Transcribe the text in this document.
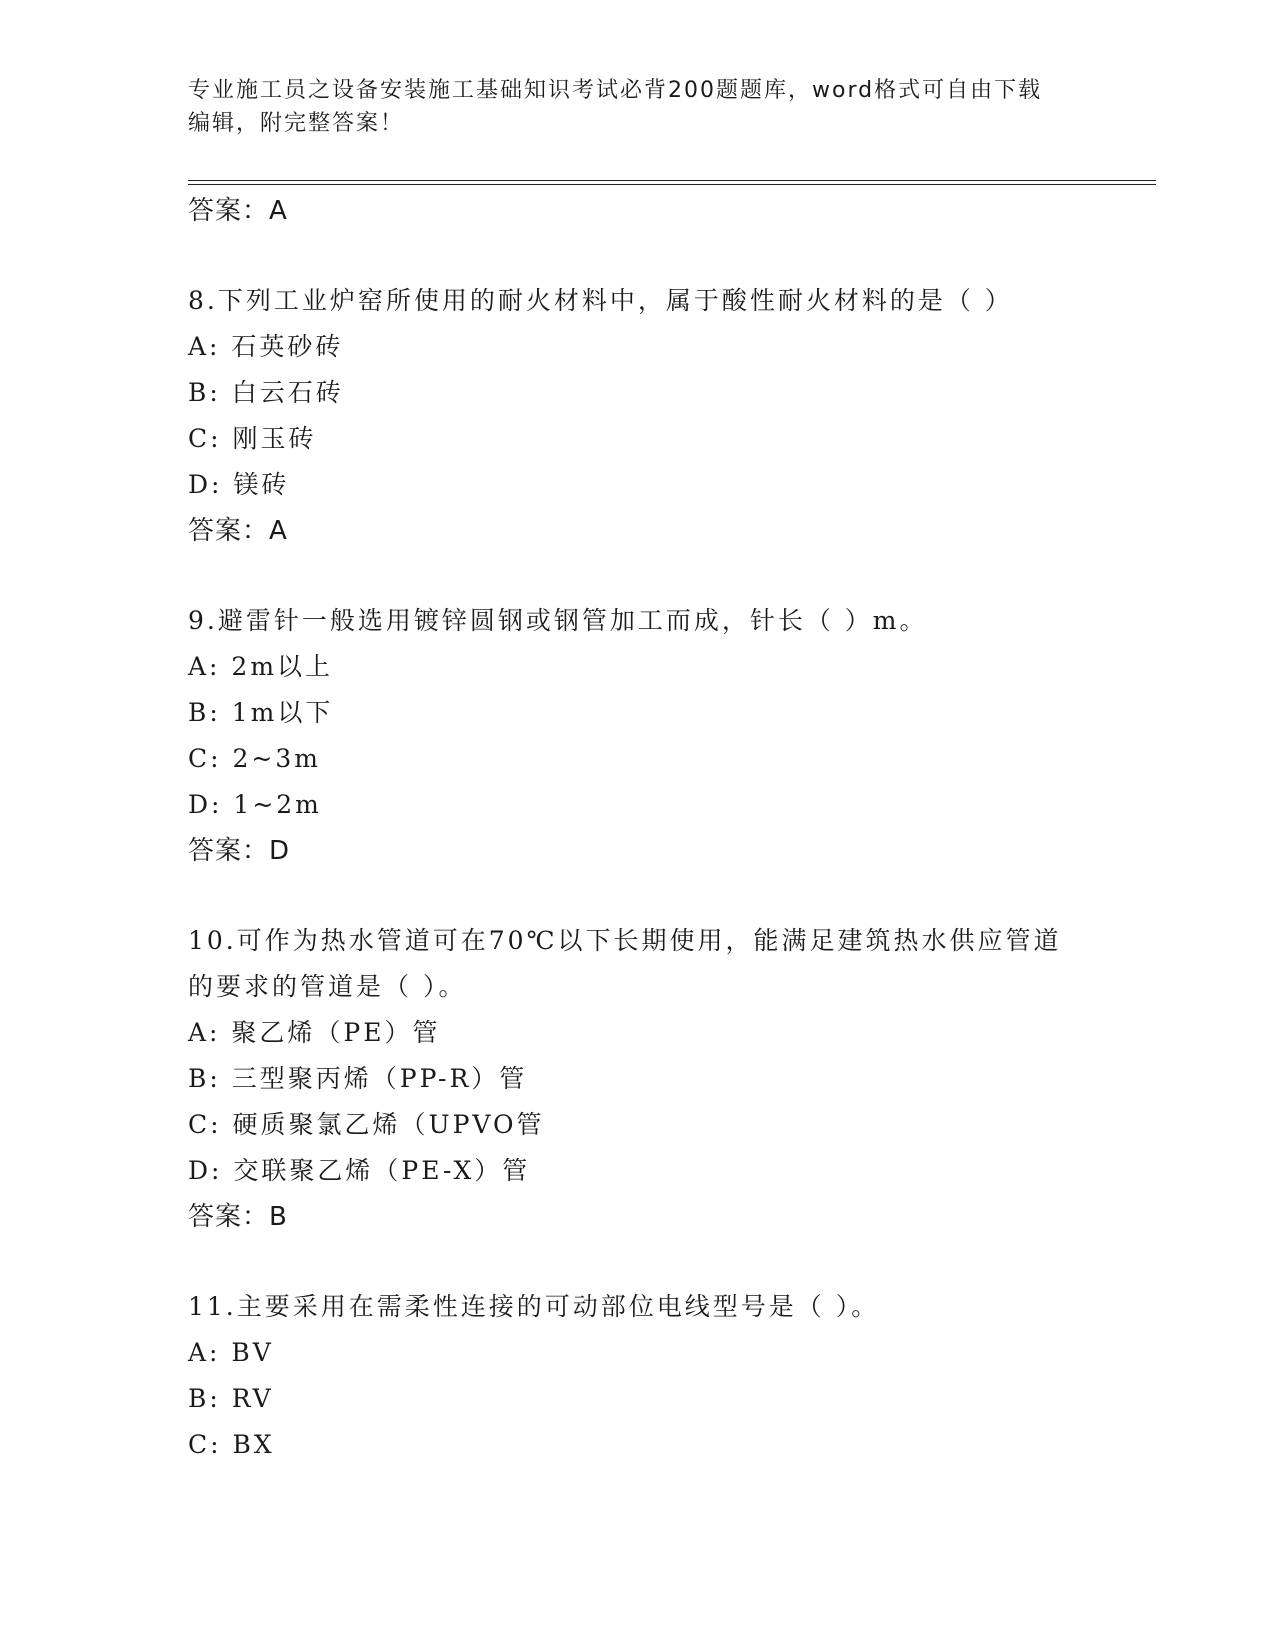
专业施工员之设备安装施工基础知识考试必背200题题库，word格式可自由下载
编辑，附完整答案！
答案：A
8.下列工业炉窑所使用的耐火材料中，属于酸性耐火材料的是（ ）
A: 石英砂砖
B: 白云石砖
C: 刚玉砖
D: 镁砖
答案：A
9.避雷针一般选用镀锌圆钢或钢管加工而成，针长（ ）m。
A: 2m以上
B: 1m以下
C: 2~3m
D: 1~2m
答案：D
10.可作为热水管道可在70℃以下长期使用，能满足建筑热水供应管道
的要求的管道是（ ）。
A: 聚乙烯（PE）管
B: 三型聚丙烯（PP-R）管
C: 硬质聚氯乙烯（UPVO管
D: 交联聚乙烯（PE-X）管
答案：B
11.主要采用在需柔性连接的可动部位电线型号是（ ）。
A: BV
B: RV
C: BX
